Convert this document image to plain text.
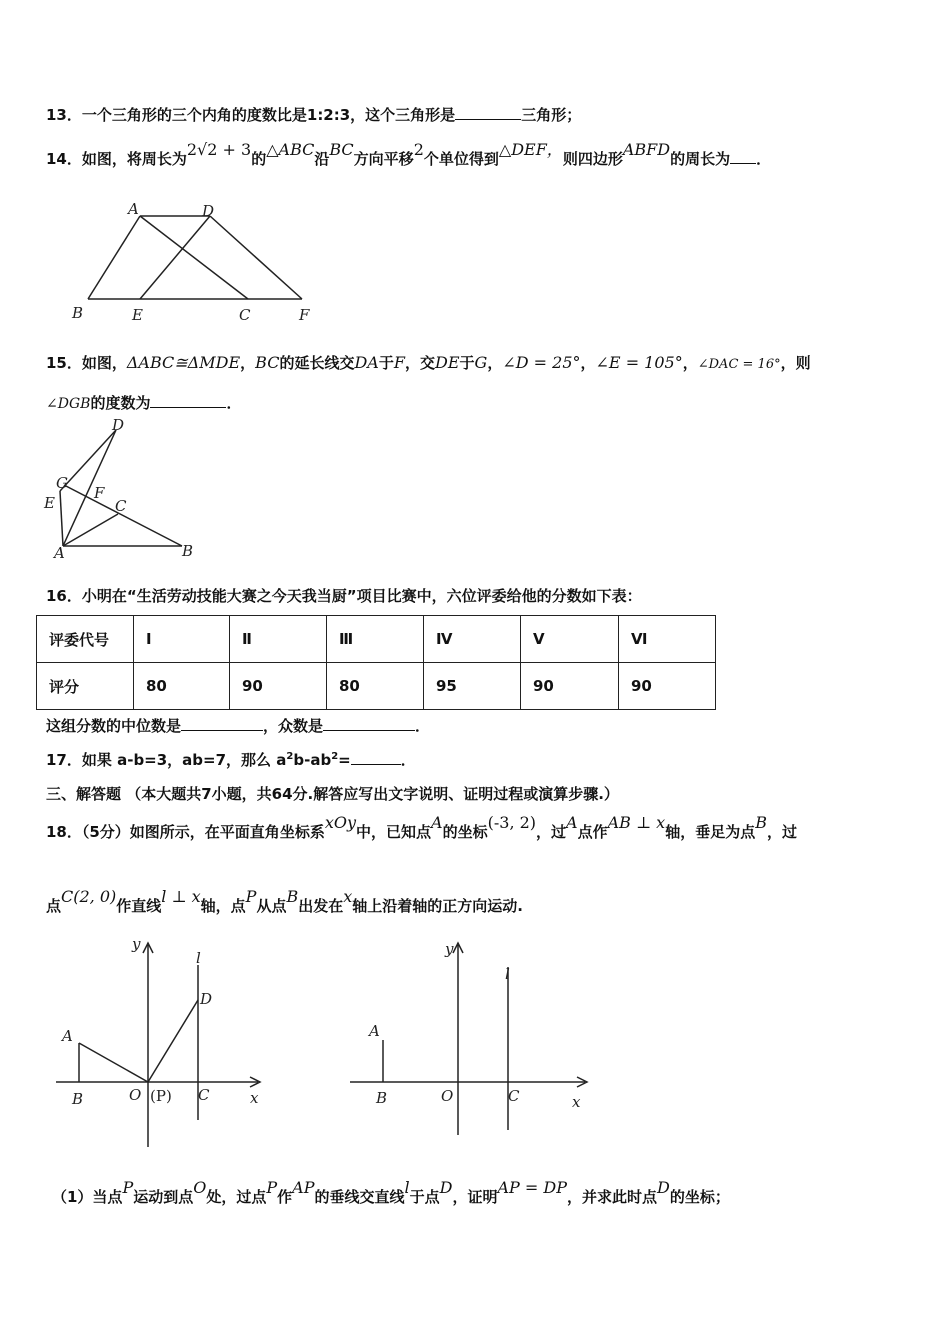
13．一个三角形的三个内角的度数比是1:2:3，这个三角形是	三角形；
14．如图，将周长为2√2 + 3的△ABC沿BC方向平移2个单位得到△DEF，则四边形ABFD的周长为 ．
A	D
B	E	C	F
15．如图，ΔABC≅ΔMDE，BC的延长线交DA于F，交DE于G，∠D = 25°，∠E = 105°，∠DAC = 16°，则
∠DGB的度数为	．
D
G
F
E	C
A	B
16．小明在“生活劳动技能大赛之今天我当厨”项目比赛中，六位评委给他的分数如下表：
评委代号	Ⅰ	Ⅱ	Ⅲ	Ⅳ	Ⅴ	Ⅵ
评分	80	90	80	95	90	90
这组分数的中位数是	，众数是	．
17．如果 a-b=3，ab=7，那么 $a^2b-ab^2=$	．
三、解答题 （本大题共7小题，共64分.解答应写出文字说明、证明过程或演算步骤.）
18．（5分）如图所示，在平面直角坐标系xOy中，已知点A的坐标(-3, 2)，过A点作AB ⊥ x轴，垂足为点B，过
点C(2, 0)作直线l ⊥ x轴，点P从点B出发在x轴上沿着轴的正方向运动.
y
l
D
A
B	O (P) C	x
y
l
A
B	O	C	x
（1）当点P运动到点O处，过点P作AP的垂线交直线l于点D，证明AP = DP，并求此时点D的坐标；
